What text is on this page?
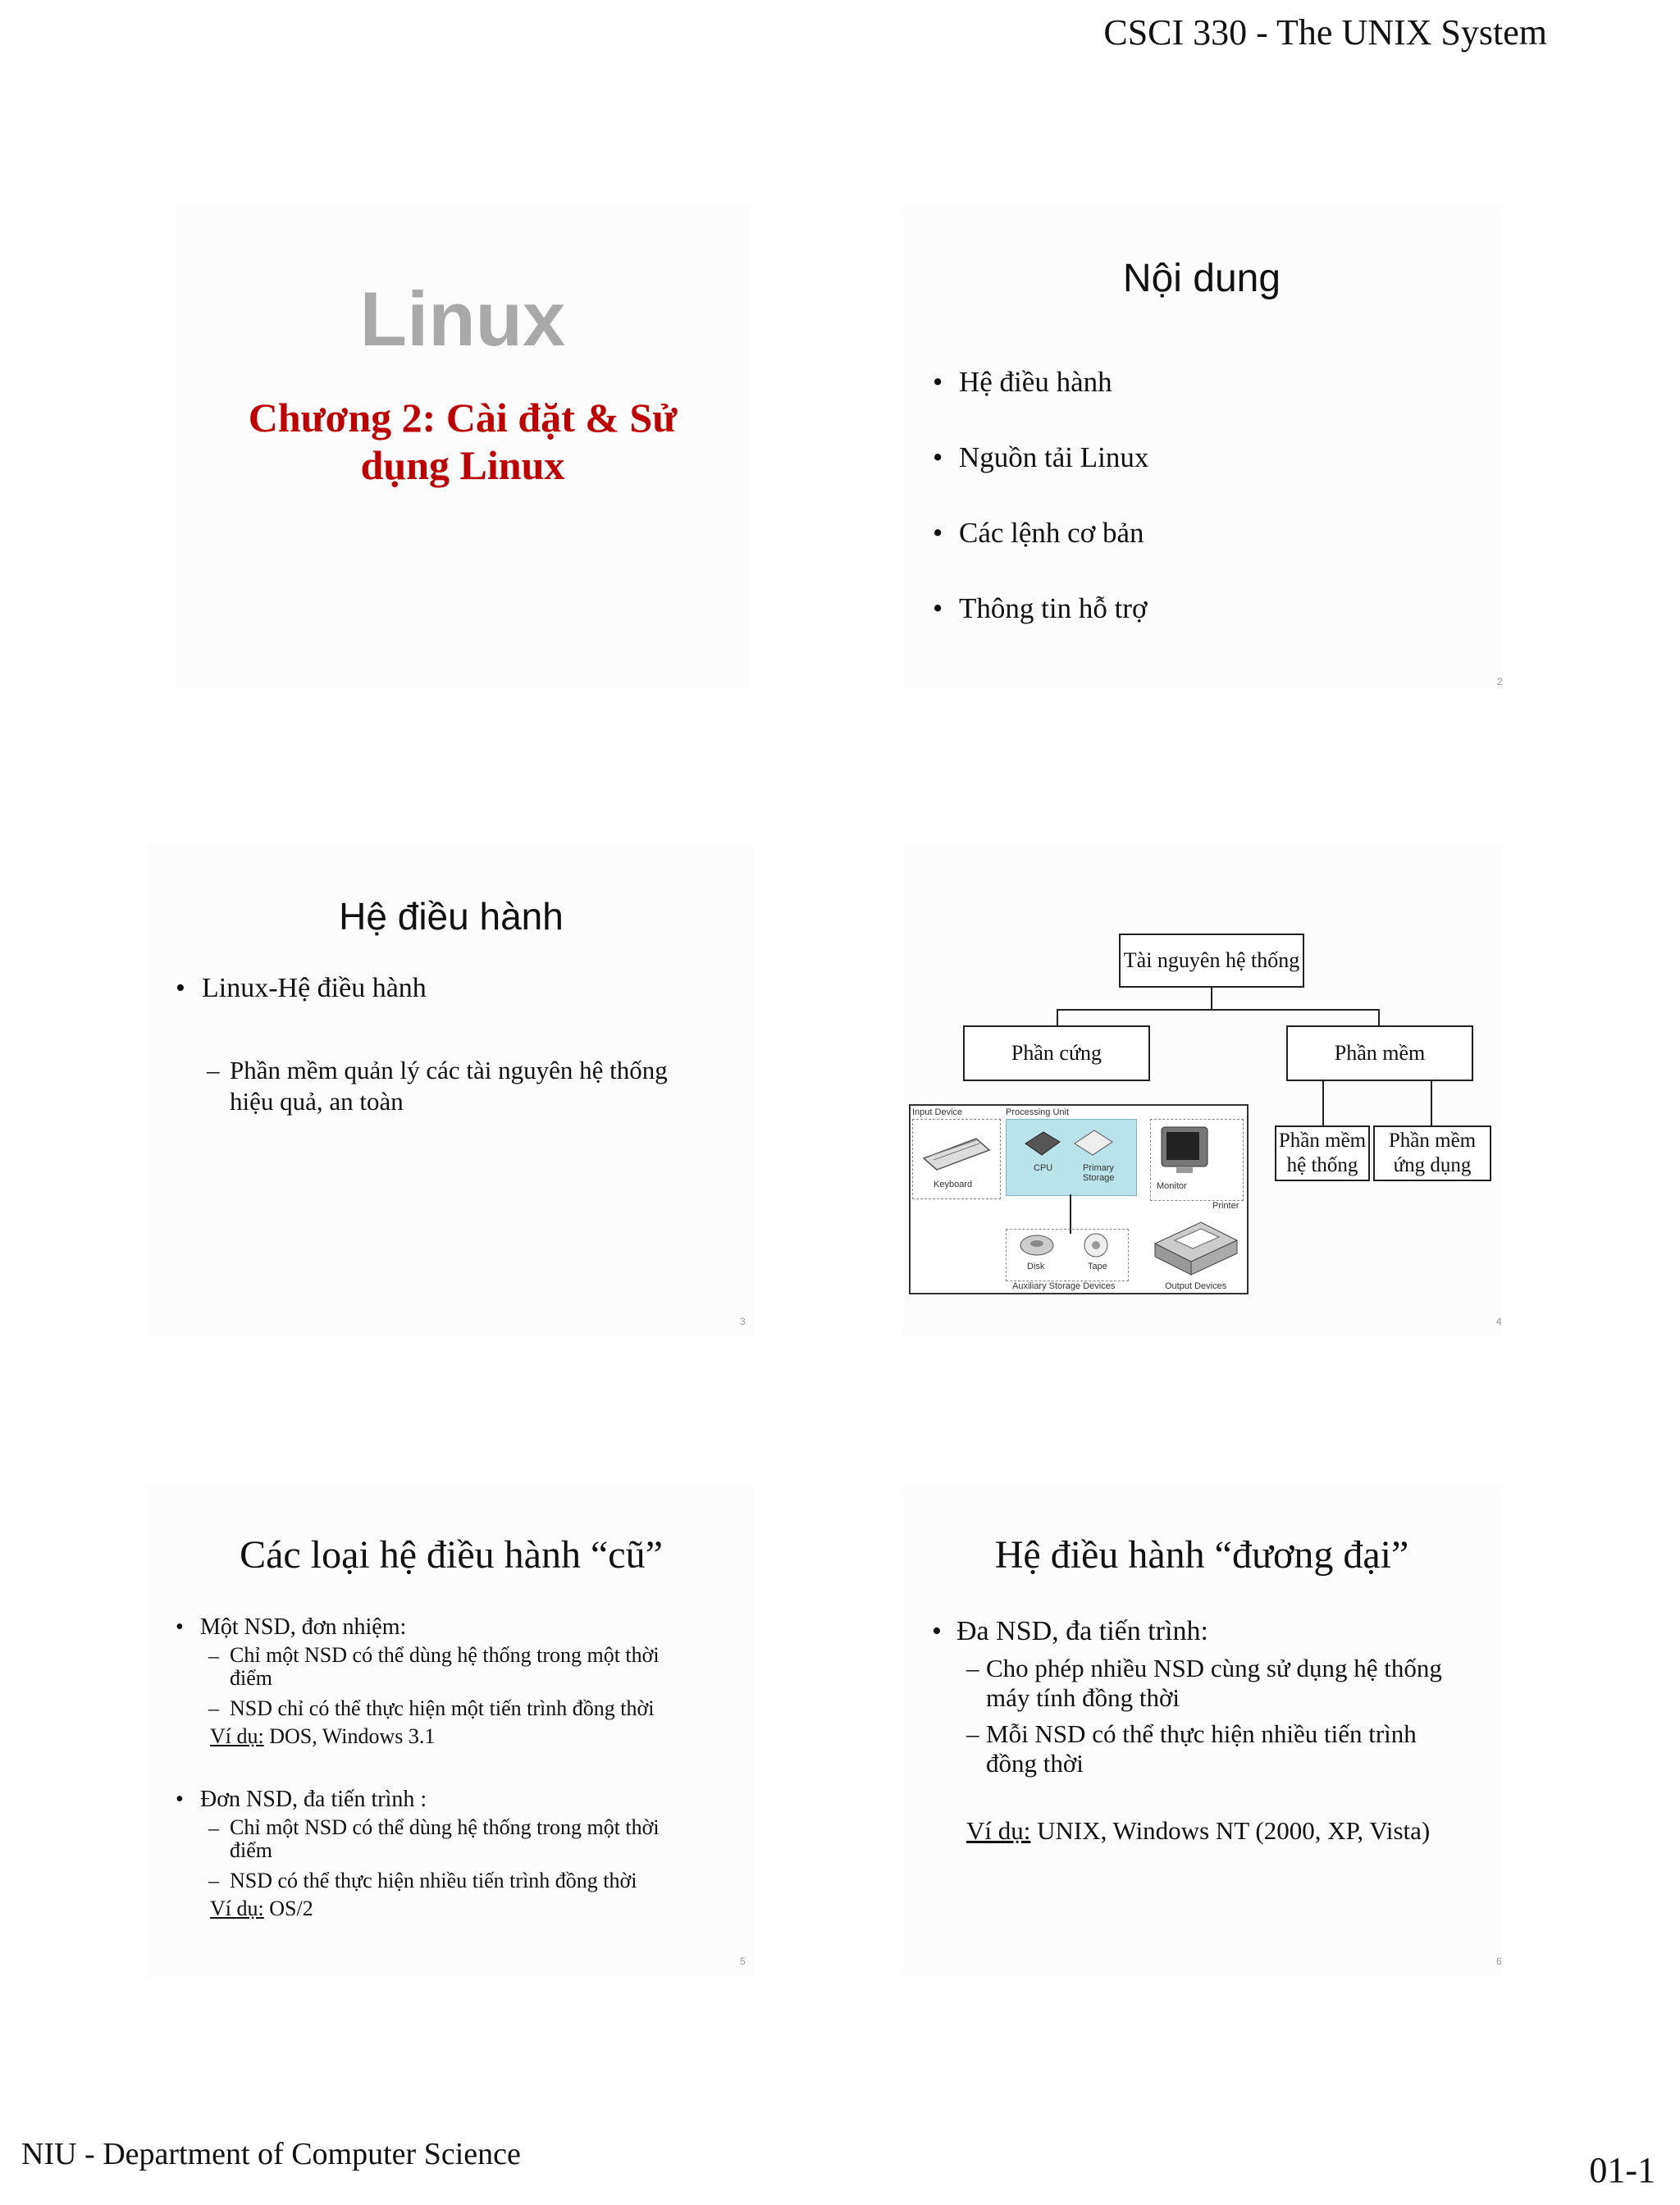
CSCI 330 - The UNIX System
NIU - Department of Computer Science	01-1
Linux
Chương 2: Cài đặt & Sử
dụng Linux
Nội dung
• Hệ điều hành
• Nguồn tải Linux
• Các lệnh cơ bản
• Thông tin hỗ trợ
2
Hệ điều hành
• Linux-Hệ điều hành
– Phần mềm quản lý các tài nguyên hệ thống
hiệu quả, an toàn
3
Tài nguyên hệ thống
Phần cứng	Phần mềm
Phần mềm
hệ thống
Phần mềm
ứng dụng
Input Device	Processing Unit
Keyboard
CPU	Primary
Storage
Monitor
Printer
Disk	Tape
Auxiliary Storage Devices	Output Devices
4
Các loại hệ điều hành “cũ”
• Một NSD, đơn nhiệm:
– Chỉ một NSD có thể dùng hệ thống trong một thời
điểm
– NSD chỉ có thể thực hiện một tiến trình đồng thời
Ví dụ: DOS, Windows 3.1
• Đơn NSD, đa tiến trình :
– Chỉ một NSD có thể dùng hệ thống trong một thời
điểm
– NSD có thể thực hiện nhiều tiến trình đồng thời
Ví dụ: OS/2
5
Hệ điều hành “đương đại”
• Đa NSD, đa tiến trình:
– Cho phép nhiều NSD cùng sử dụng hệ thống
máy tính đồng thời
– Mỗi NSD có thể thực hiện nhiều tiến trình
đồng thời
Ví dụ: UNIX, Windows NT (2000, XP, Vista)
6
